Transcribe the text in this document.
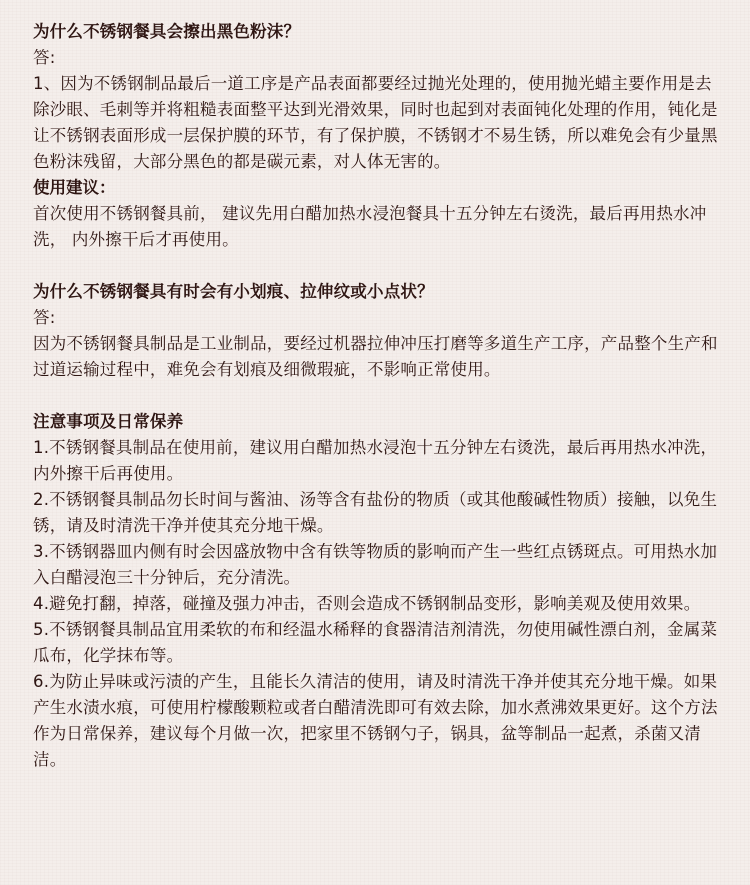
为什么不锈钢餐具会擦出黑色粉沫？

答:

1、因为不锈钢制品最后一道工序是产品表面都要经过抛光处理的，使用抛光蜡主要作用是去除沙眼、毛刺等并将粗糙表面整平达到光滑效果，同时也起到对表面钝化处理的作用，钝化是让不锈钢表面形成一层保护膜的环节，有了保护膜，不锈钢才不易生锈，所以难免会有少量黑色粉沫残留，大部分黑色的都是碳元素，对人体无害的。

使用建议：

首次使用不锈钢餐具前， 建议先用白醋加热水浸泡餐具十五分钟左右烫洗，最后再用热水冲洗， 内外擦干后才再使用。

为什么不锈钢餐具有时会有小划痕、拉伸纹或小点状？

答:

因为不锈钢餐具制品是工业制品，要经过机器拉伸冲压打磨等多道生产工序，产品整个生产和过道运输过程中，难免会有划痕及细微瑕疵，不影响正常使用。

注意事项及日常保养

1.不锈钢餐具制品在使用前，建议用白醋加热水浸泡十五分钟左右烫洗，最后再用热水冲洗， 内外擦干后再使用。

2.不锈钢餐具制品勿长时间与酱油、汤等含有盐份的物质（或其他酸碱性物质）接触，以免生锈，请及时清洗干净并使其充分地干燥。

3.不锈钢器皿内侧有时会因盛放物中含有铁等物质的影响而产生一些红点锈斑点。可用热水加入白醋浸泡三十分钟后，充分清洗。

4.避免打翻，掉落，碰撞及强力冲击，否则会造成不锈钢制品变形，影响美观及使用效果。

5.不锈钢餐具制品宜用柔软的布和经温水稀释的食器清洁剂清洗，勿使用碱性漂白剂，金属菜瓜布，化学抹布等。

6.为防止异味或污渍的产生，且能长久清洁的使用，请及时清洗干净并使其充分地干燥。如果产生水渍水痕，可使用柠檬酸颗粒或者白醋清洗即可有效去除，加水煮沸效果更好。这个方法作为日常保养，建议每个月做一次，把家里不锈钢勺子，锅具，盆等制品一起煮，杀菌又清洁。
